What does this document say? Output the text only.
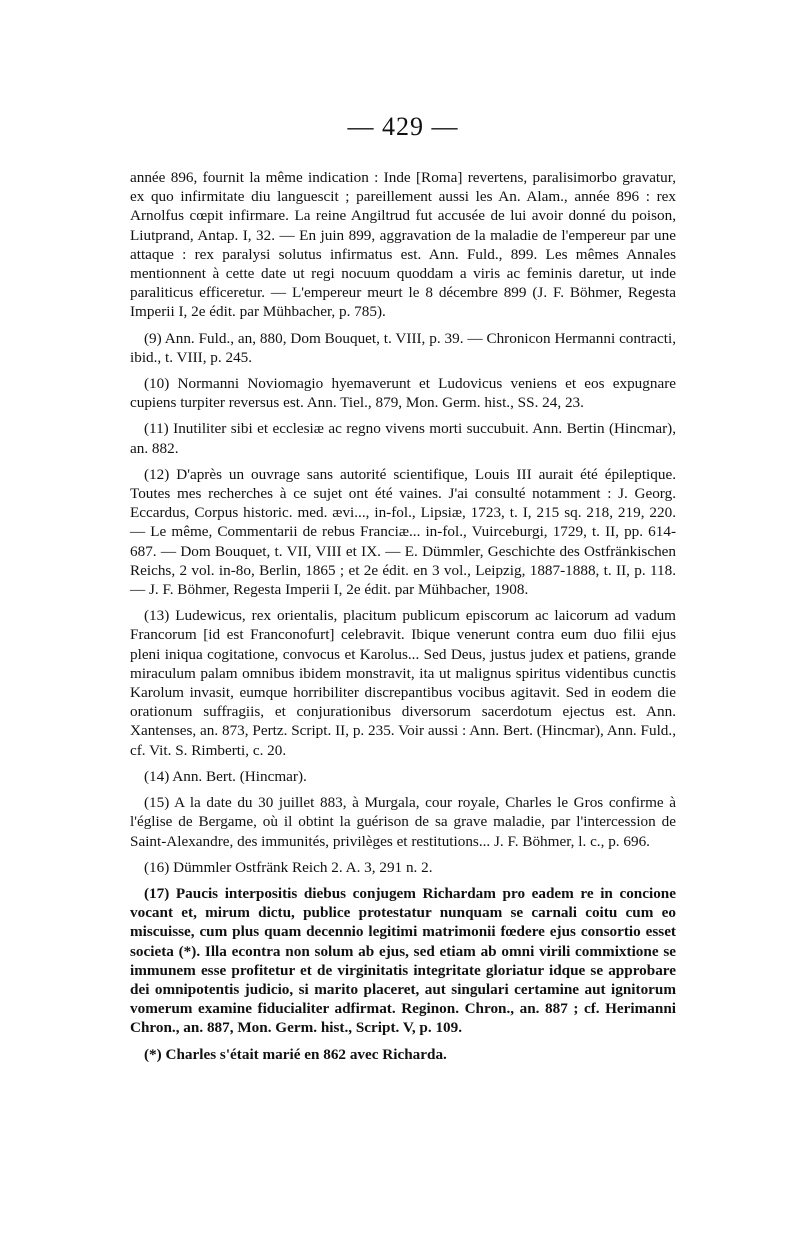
— 429 —

année 896, fournit la même indication : Inde [Roma] revertens, paralisimorbo gravatur, ex quo infirmitate diu languescit ; pareillement aussi les An. Alam., année 896 : rex Arnolfus cœpit infirmare. La reine Angiltrud fut accusée de lui avoir donné du poison, Liutprand, Antap. I, 32. — En juin 899, aggravation de la maladie de l'empereur par une attaque : rex paralysi solutus infirmatus est. Ann. Fuld., 899. Les mêmes Annales mentionnent à cette date ut regi nocuum quoddam a viris ac feminis daretur, ut inde paraliticus efficeretur. — L'empereur meurt le 8 décembre 899 (J. F. Böhmer, Regesta Imperii I, 2e édit. par Mühbacher, p. 785).

(9) Ann. Fuld., an, 880, Dom Bouquet, t. VIII, p. 39. — Chronicon Hermanni contracti, ibid., t. VIII, p. 245.

(10) Normanni Noviomagio hyemaverunt et Ludovicus veniens et eos expugnare cupiens turpiter reversus est. Ann. Tiel., 879, Mon. Germ. hist., SS. 24, 23.

(11) Inutiliter sibi et ecclesiæ ac regno vivens morti succubuit. Ann. Bertin (Hincmar), an. 882.

(12) D'après un ouvrage sans autorité scientifique, Louis III aurait été épileptique. Toutes mes recherches à ce sujet ont été vaines. J'ai consulté notamment : J. Georg. Eccardus, Corpus historic. med. ævi..., in-fol., Lipsiæ, 1723, t. I, 215 sq. 218, 219, 220. — Le même, Commentarii de rebus Franciæ... in-fol., Vuirceburgi, 1729, t. II, pp. 614-687. — Dom Bouquet, t. VII, VIII et IX. — E. Dümmler, Geschichte des Ostfränkischen Reichs, 2 vol. in-8o, Berlin, 1865 ; et 2e édit. en 3 vol., Leipzig, 1887-1888, t. II, p. 118. — J. F. Böhmer, Regesta Imperii I, 2e édit. par Mühbacher, 1908.

(13) Ludewicus, rex orientalis, placitum publicum episcorum ac laicorum ad vadum Francorum [id est Franconofurt] celebravit. Ibique venerunt contra eum duo filii ejus pleni iniqua cogitatione, convocus et Karolus... Sed Deus, justus judex et patiens, grande miraculum palam omnibus ibidem monstravit, ita ut malignus spiritus videntibus cunctis Karolum invasit, eumque horribiliter discrepantibus vocibus agitavit. Sed in eodem die orationum suffragiis, et conjurationibus diversorum sacerdotum ejectus est. Ann. Xantenses, an. 873, Pertz. Script. II, p. 235. Voir aussi : Ann. Bert. (Hincmar), Ann. Fuld., cf. Vit. S. Rimberti, c. 20.

(14) Ann. Bert. (Hincmar).

(15) A la date du 30 juillet 883, à Murgala, cour royale, Charles le Gros confirme à l'église de Bergame, où il obtint la guérison de sa grave maladie, par l'intercession de Saint-Alexandre, des immunités, privilèges et restitutions... J. F. Böhmer, l. c., p. 696.

(16) Dümmler Ostfränk Reich 2. A. 3, 291 n. 2.

(17) Paucis interpositis diebus conjugem Richardam pro eadem re in concione vocant et, mirum dictu, publice protestatur nunquam se carnali coitu cum eo miscuisse, cum plus quam decennio legitimi matrimonii fœdere ejus consortio esset societa (*). Illa econtra non solum ab ejus, sed etiam ab omni virili commixtione se immunem esse profitetur et de virginitatis integritate gloriatur idque se approbare dei omnipotentis judicio, si marito placeret, aut singulari certamine aut ignitorum vomerum examine fiducialiter adfirmat. Reginon. Chron., an. 887 ; cf. Herimanni Chron., an. 887, Mon. Germ. hist., Script. V, p. 109.

(*) Charles s'était marié en 862 avec Richarda.
